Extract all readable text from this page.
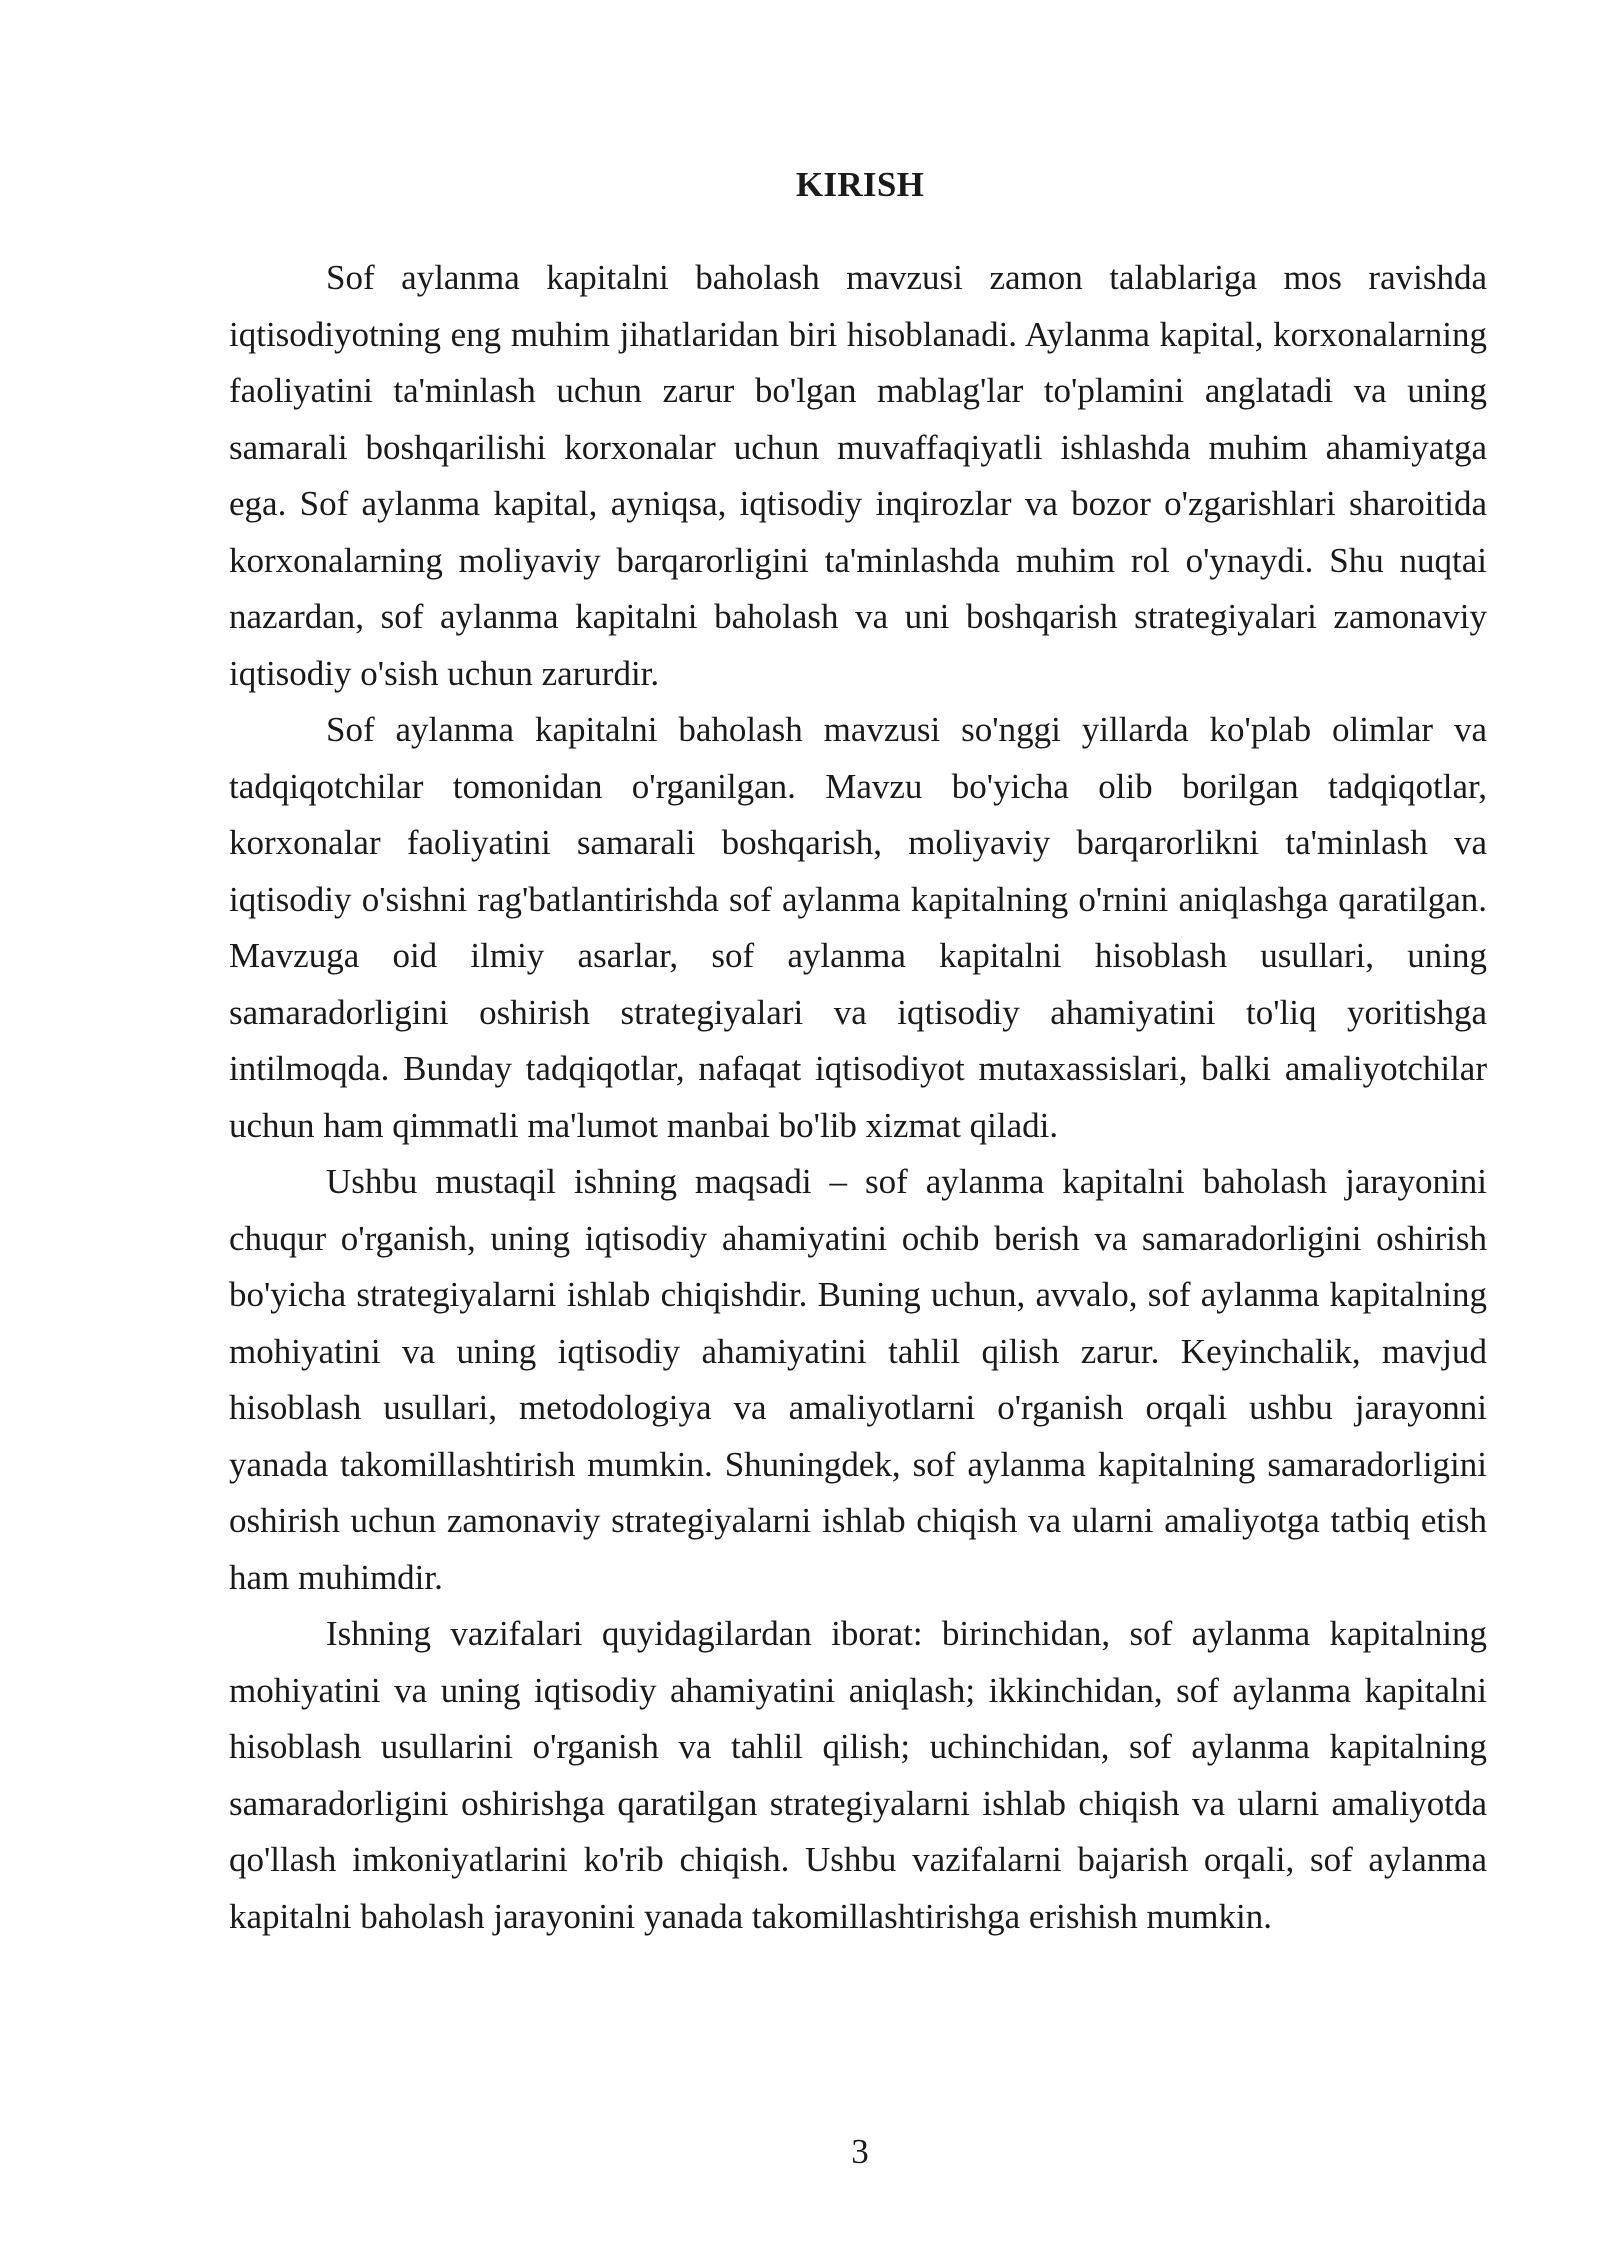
KIRISH

Sof aylanma kapitalni baholash mavzusi zamon talablariga mos ravishda iqtisodiyotning eng muhim jihatlaridan biri hisoblanadi. Aylanma kapital, korxonalarning faoliyatini ta'minlash uchun zarur bo'lgan mablag'lar to'plamini anglatadi va uning samarali boshqarilishi korxonalar uchun muvaffaqiyatli ishlashda muhim ahamiyatga ega. Sof aylanma kapital, ayniqsa, iqtisodiy inqirozlar va bozor o'zgarishlari sharoitida korxonalarning moliyaviy barqarorligini ta'minlashda muhim rol o'ynaydi. Shu nuqtai nazardan, sof aylanma kapitalni baholash va uni boshqarish strategiyalari zamonaviy iqtisodiy o'sish uchun zarurdir.

Sof aylanma kapitalni baholash mavzusi so'nggi yillarda ko'plab olimlar va tadqiqotchilar tomonidan o'rganilgan. Mavzu bo'yicha olib borilgan tadqiqotlar, korxonalar faoliyatini samarali boshqarish, moliyaviy barqarorlikni ta'minlash va iqtisodiy o'sishni rag'batlantirishda sof aylanma kapitalning o'rnini aniqlashga qaratilgan. Mavzuga oid ilmiy asarlar, sof aylanma kapitalni hisoblash usullari, uning samaradorligini oshirish strategiyalari va iqtisodiy ahamiyatini to'liq yoritishga intilmoqda. Bunday tadqiqotlar, nafaqat iqtisodiyot mutaxassislari, balki amaliyotchilar uchun ham qimmatli ma'lumot manbai bo'lib xizmat qiladi.

Ushbu mustaqil ishning maqsadi – sof aylanma kapitalni baholash jarayonini chuqur o'rganish, uning iqtisodiy ahamiyatini ochib berish va samaradorligini oshirish bo'yicha strategiyalarni ishlab chiqishdir. Buning uchun, avvalo, sof aylanma kapitalning mohiyatini va uning iqtisodiy ahamiyatini tahlil qilish zarur. Keyinchalik, mavjud hisoblash usullari, metodologiya va amaliyotlarni o'rganish orqali ushbu jarayonni yanada takomillashtirish mumkin. Shuningdek, sof aylanma kapitalning samaradorligini oshirish uchun zamonaviy strategiyalarni ishlab chiqish va ularni amaliyotga tatbiq etish ham muhimdir.

Ishning vazifalari quyidagilardan iborat: birinchidan, sof aylanma kapitalning mohiyatini va uning iqtisodiy ahamiyatini aniqlash; ikkinchidan, sof aylanma kapitalni hisoblash usullarini o'rganish va tahlil qilish; uchinchidan, sof aylanma kapitalning samaradorligini oshirishga qaratilgan strategiyalarni ishlab chiqish va ularni amaliyotda qo'llash imkoniyatlarini ko'rib chiqish. Ushbu vazifalarni bajarish orqali, sof aylanma kapitalni baholash jarayonini yanada takomillashtirishga erishish mumkin.

3
